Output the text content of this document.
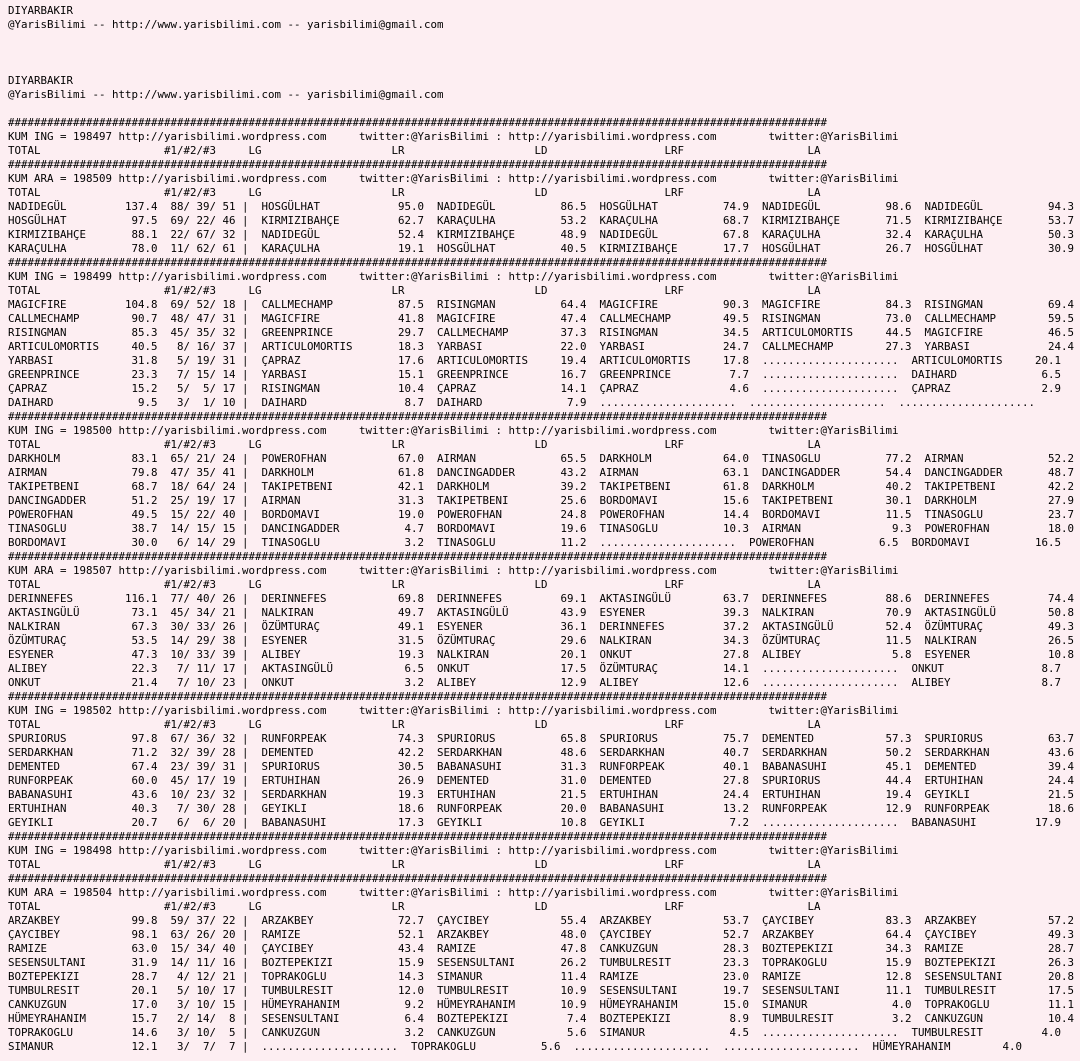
DIYARBAKIR
@YarisBilimi -- http://www.yarisbilimi.com -- yarisbilimi@gmail.com
DIYARBAKIR
@YarisBilimi -- http://www.yarisbilimi.com -- yarisbilimi@gmail.com
##############################################################################################################################
KUM ING = 198497 http://yarisbilimi.wordpress.com     twitter:@YarisBilimi : http://yarisbilimi.wordpress.com        twitter:@YarisBilimi
TOTAL                   #1/#2/#3     LG                    LR                    LD                  LRF                   LA
##############################################################################################################################
KUM ARA = 198509 http://yarisbilimi.wordpress.com     twitter:@YarisBilimi : http://yarisbilimi.wordpress.com        twitter:@YarisBilimi
TOTAL                   #1/#2/#3     LG                    LR                    LD                  LRF                   LA
NADIDEGÜL         137.4  88/ 39/ 51 |  HOSGÜLHAT            95.0  NADIDEGÜL          86.5  HOSGÜLHAT          74.9  NADIDEGÜL          98.6  NADIDEGÜL          94.3
HOSGÜLHAT          97.5  69/ 22/ 46 |  KIRMIZIBAHÇE         62.7  KARAÇULHA          53.2  KARAÇULHA          68.7  KIRMIZIBAHÇE       71.5  KIRMIZIBAHÇE       53.7
KIRMIZIBAHÇE       88.1  22/ 67/ 32 |  NADIDEGÜL            52.4  KIRMIZIBAHÇE       48.9  NADIDEGÜL          67.8  KARAÇULHA          32.4  KARAÇULHA          50.3
KARAÇULHA          78.0  11/ 62/ 61 |  KARAÇULHA            19.1  HOSGÜLHAT          40.5  KIRMIZIBAHÇE       17.7  HOSGÜLHAT          26.7  HOSGÜLHAT          30.9
##############################################################################################################################
KUM ING = 198499 http://yarisbilimi.wordpress.com     twitter:@YarisBilimi : http://yarisbilimi.wordpress.com        twitter:@YarisBilimi
TOTAL                   #1/#2/#3     LG                    LR                    LD                  LRF                   LA
MAGICFIRE         104.8  69/ 52/ 18 |  CALLMECHAMP          87.5  RISINGMAN          64.4  MAGICFIRE          90.3  MAGICFIRE          84.3  RISINGMAN          69.4
CALLMECHAMP        90.7  48/ 47/ 31 |  MAGICFIRE            41.8  MAGICFIRE          47.4  CALLMECHAMP        49.5  RISINGMAN          73.0  CALLMECHAMP        59.5
RISINGMAN          85.3  45/ 35/ 32 |  GREENPRINCE          29.7  CALLMECHAMP        37.3  RISINGMAN          34.5  ARTICULOMORTIS     44.5  MAGICFIRE          46.5
ARTICULOMORTIS     40.5   8/ 16/ 37 |  ARTICULOMORTIS       18.3  YARBASI            22.0  YARBASI            24.7  CALLMECHAMP        27.3  YARBASI            24.4
YARBASI            31.8   5/ 19/ 31 |  ÇAPRAZ               17.6  ARTICULOMORTIS     19.4  ARTICULOMORTIS     17.8  .....................  ARTICULOMORTIS     20.1
GREENPRINCE        23.3   7/ 15/ 14 |  YARBASI              15.1  GREENPRINCE        16.7  GREENPRINCE         7.7  .....................  DAIHARD             6.5
ÇAPRAZ             15.2   5/  5/ 17 |  RISINGMAN            10.4  ÇAPRAZ             14.1  ÇAPRAZ              4.6  .....................  ÇAPRAZ              2.9
DAIHARD             9.5   3/  1/ 10 |  DAIHARD               8.7  DAIHARD             7.9  .....................  .....................  .....................
##############################################################################################################################
KUM ING = 198500 http://yarisbilimi.wordpress.com     twitter:@YarisBilimi : http://yarisbilimi.wordpress.com        twitter:@YarisBilimi
TOTAL                   #1/#2/#3     LG                    LR                    LD                  LRF                   LA
DARKHOLM           83.1  65/ 21/ 24 |  POWEROFHAN           67.0  AIRMAN             65.5  DARKHOLM           64.0  TINASOGLU          77.2  AIRMAN             52.2
AIRMAN             79.8  47/ 35/ 41 |  DARKHOLM             61.8  DANCINGADDER       43.2  AIRMAN             63.1  DANCINGADDER       54.4  DANCINGADDER       48.7
TAKIPETBENI        68.7  18/ 64/ 24 |  TAKIPETBENI          42.1  DARKHOLM           39.2  TAKIPETBENI        61.8  DARKHOLM           40.2  TAKIPETBENI        42.2
DANCINGADDER       51.2  25/ 19/ 17 |  AIRMAN               31.3  TAKIPETBENI        25.6  BORDOMAVI          15.6  TAKIPETBENI        30.1  DARKHOLM           27.9
POWEROFHAN         49.5  15/ 22/ 40 |  BORDOMAVI            19.0  POWEROFHAN         24.8  POWEROFHAN         14.4  BORDOMAVI          11.5  TINASOGLU          23.7
TINASOGLU          38.7  14/ 15/ 15 |  DANCINGADDER          4.7  BORDOMAVI          19.6  TINASOGLU          10.3  AIRMAN              9.3  POWEROFHAN         18.0
BORDOMAVI          30.0   6/ 14/ 29 |  TINASOGLU             3.2  TINASOGLU          11.2  .....................  POWEROFHAN          6.5  BORDOMAVI          16.5
##############################################################################################################################
KUM ARA = 198507 http://yarisbilimi.wordpress.com     twitter:@YarisBilimi : http://yarisbilimi.wordpress.com        twitter:@YarisBilimi
TOTAL                   #1/#2/#3     LG                    LR                    LD                  LRF                   LA
DERINNEFES        116.1  77/ 40/ 26 |  DERINNEFES           69.8  DERINNEFES         69.1  AKTASINGÜLÜ        63.7  DERINNEFES         88.6  DERINNEFES         74.4
AKTASINGÜLÜ        73.1  45/ 34/ 21 |  NALKIRAN             49.7  AKTASINGÜLÜ        43.9  ESYENER            39.3  NALKIRAN           70.9  AKTASINGÜLÜ        50.8
NALKIRAN           67.3  30/ 33/ 26 |  ÖZÜMTURAÇ            49.1  ESYENER            36.1  DERINNEFES         37.2  AKTASINGÜLÜ        52.4  ÖZÜMTURAÇ          49.3
ÖZÜMTURAÇ          53.5  14/ 29/ 38 |  ESYENER              31.5  ÖZÜMTURAÇ          29.6  NALKIRAN           34.3  ÖZÜMTURAÇ          11.5  NALKIRAN           26.5
ESYENER            47.3  10/ 33/ 39 |  ALIBEY               19.3  NALKIRAN           20.1  ONKUT              27.8  ALIBEY              5.8  ESYENER            10.8
ALIBEY             22.3   7/ 11/ 17 |  AKTASINGÜLÜ           6.5  ONKUT              17.5  ÖZÜMTURAÇ          14.1  .....................  ONKUT               8.7
ONKUT              21.4   7/ 10/ 23 |  ONKUT                 3.2  ALIBEY             12.9  ALIBEY             12.6  .....................  ALIBEY              8.7
##############################################################################################################################
KUM ING = 198502 http://yarisbilimi.wordpress.com     twitter:@YarisBilimi : http://yarisbilimi.wordpress.com        twitter:@YarisBilimi
TOTAL                   #1/#2/#3     LG                    LR                    LD                  LRF                   LA
SPURIORUS          97.8  67/ 36/ 32 |  RUNFORPEAK           74.3  SPURIORUS          65.8  SPURIORUS          75.7  DEMENTED           57.3  SPURIORUS          63.7
SERDARKHAN         71.2  32/ 39/ 28 |  DEMENTED             42.2  SERDARKHAN         48.6  SERDARKHAN         40.7  SERDARKHAN         50.2  SERDARKHAN         43.6
DEMENTED           67.4  23/ 39/ 31 |  SPURIORUS            30.5  BABANASUHI         31.3  RUNFORPEAK         40.1  BABANASUHI         45.1  DEMENTED           39.4
RUNFORPEAK         60.0  45/ 17/ 19 |  ERTUHIHAN            26.9  DEMENTED           31.0  DEMENTED           27.8  SPURIORUS          44.4  ERTUHIHAN          24.4
BABANASUHI         43.6  10/ 23/ 32 |  SERDARKHAN           19.3  ERTUHIHAN          21.5  ERTUHIHAN          24.4  ERTUHIHAN          19.4  GEYIKLI            21.5
ERTUHIHAN          40.3   7/ 30/ 28 |  GEYIKLI              18.6  RUNFORPEAK         20.0  BABANASUHI         13.2  RUNFORPEAK         12.9  RUNFORPEAK         18.6
GEYIKLI            20.7   6/  6/ 20 |  BABANASUHI           17.3  GEYIKLI            10.8  GEYIKLI             7.2  .....................  BABANASUHI         17.9
##############################################################################################################################
KUM ING = 198498 http://yarisbilimi.wordpress.com     twitter:@YarisBilimi : http://yarisbilimi.wordpress.com        twitter:@YarisBilimi
TOTAL                   #1/#2/#3     LG                    LR                    LD                  LRF                   LA
##############################################################################################################################
KUM ARA = 198504 http://yarisbilimi.wordpress.com     twitter:@YarisBilimi : http://yarisbilimi.wordpress.com        twitter:@YarisBilimi
TOTAL                   #1/#2/#3     LG                    LR                    LD                  LRF                   LA
ARZAKBEY           99.8  59/ 37/ 22 |  ARZAKBEY             72.7  ÇAYCIBEY           55.4  ARZAKBEY           53.7  ÇAYCIBEY           83.3  ARZAKBEY           57.2
ÇAYCIBEY           98.1  63/ 26/ 20 |  RAMIZE               52.1  ARZAKBEY           48.0  ÇAYCIBEY           52.7  ARZAKBEY           64.4  ÇAYCIBEY           49.3
RAMIZE             63.0  15/ 34/ 40 |  ÇAYCIBEY             43.4  RAMIZE             47.8  CANKUZGUN          28.3  BOZTEPEKIZI        34.3  RAMIZE             28.7
SESENSULTANI       31.9  14/ 11/ 16 |  BOZTEPEKIZI          15.9  SESENSULTANI       26.2  TUMBULRESIT        23.3  TOPRAKOGLU         15.9  BOZTEPEKIZI        26.3
BOZTEPEKIZI        28.7   4/ 12/ 21 |  TOPRAKOGLU           14.3  SIMANUR            11.4  RAMIZE             23.0  RAMIZE             12.8  SESENSULTANI       20.8
TUMBULRESIT        20.1   5/ 10/ 17 |  TUMBULRESIT          12.0  TUMBULRESIT        10.9  SESENSULTANI       19.7  SESENSULTANI       11.1  TUMBULRESIT        17.5
CANKUZGUN          17.0   3/ 10/ 15 |  HÜMEYRAHANIM          9.2  HÜMEYRAHANIM       10.9  HÜMEYRAHANIM       15.0  SIMANUR             4.0  TOPRAKOGLU         11.1
HÜMEYRAHANIM       15.7   2/ 14/  8 |  SESENSULTANI          6.4  BOZTEPEKIZI         7.4  BOZTEPEKIZI         8.9  TUMBULRESIT         3.2  CANKUZGUN          10.4
TOPRAKOGLU         14.6   3/ 10/  5 |  CANKUZGUN             3.2  CANKUZGUN           5.6  SIMANUR             4.5  .....................  TUMBULRESIT         4.0
SIMANUR            12.1   3/  7/  7 |  .....................  TOPRAKOGLU          5.6  .....................  .....................  HÜMEYRAHANIM        4.0
